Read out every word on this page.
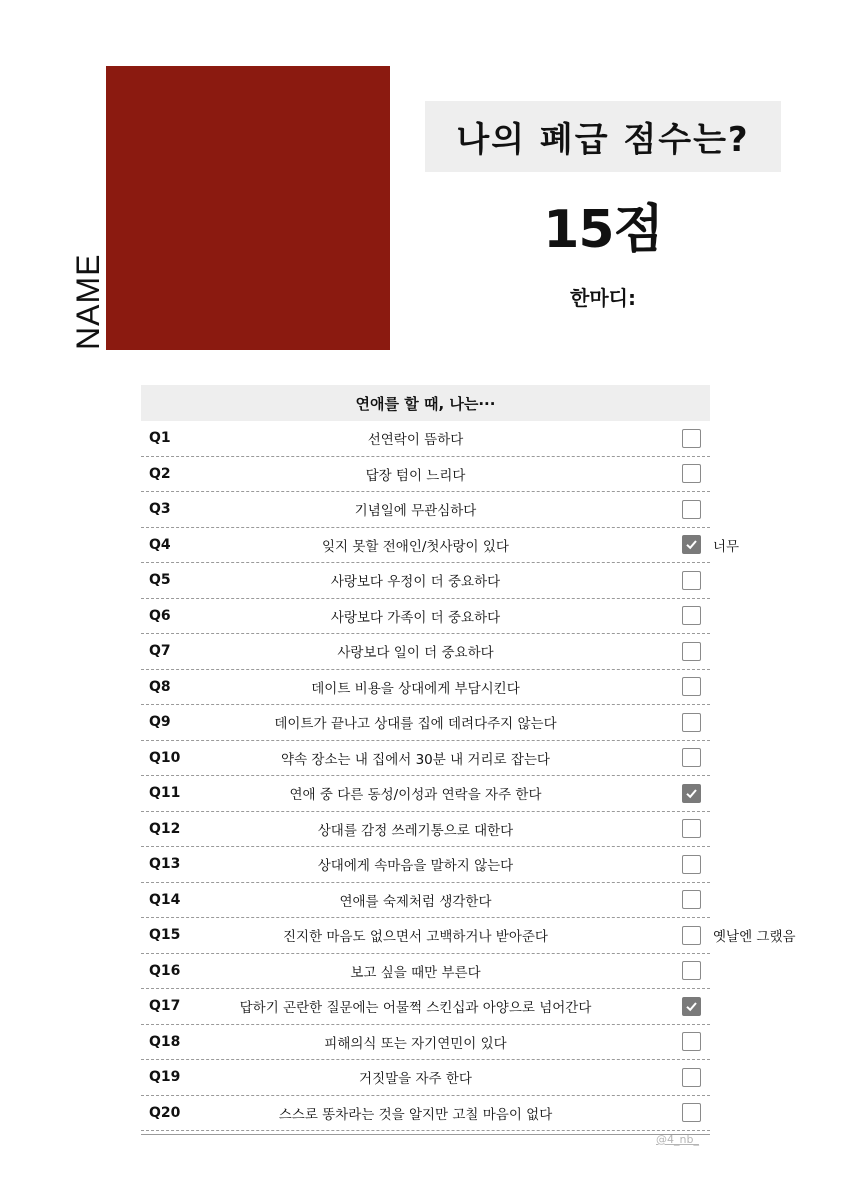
NAME
나의 폐급 점수는?
15점
한마디:
연애를 할 때, 나는···
Q1	선연락이 뜸하다
Q2	답장 텀이 느리다
Q3	기념일에 무관심하다
Q4	잊지 못할 전애인/첫사랑이 있다	너무
Q5	사랑보다 우정이 더 중요하다
Q6	사랑보다 가족이 더 중요하다
Q7	사랑보다 일이 더 중요하다
Q8	데이트 비용을 상대에게 부담시킨다
Q9	데이트가 끝나고 상대를 집에 데려다주지 않는다
Q10	약속 장소는 내 집에서 30분 내 거리로 잡는다
Q11	연애 중 다른 동성/이성과 연락을 자주 한다
Q12	상대를 감정 쓰레기통으로 대한다
Q13	상대에게 속마음을 말하지 않는다
Q14	연애를 숙제처럼 생각한다
Q15	진지한 마음도 없으면서 고백하거나 받아준다	옛날엔 그랬음
Q16	보고 싶을 때만 부른다
Q17	답하기 곤란한 질문에는 어물쩍 스킨십과 아양으로 넘어간다
Q18	피해의식 또는 자기연민이 있다
Q19	거짓말을 자주 한다
Q20	스스로 똥차라는 것을 알지만 고칠 마음이 없다
@4_nb_
